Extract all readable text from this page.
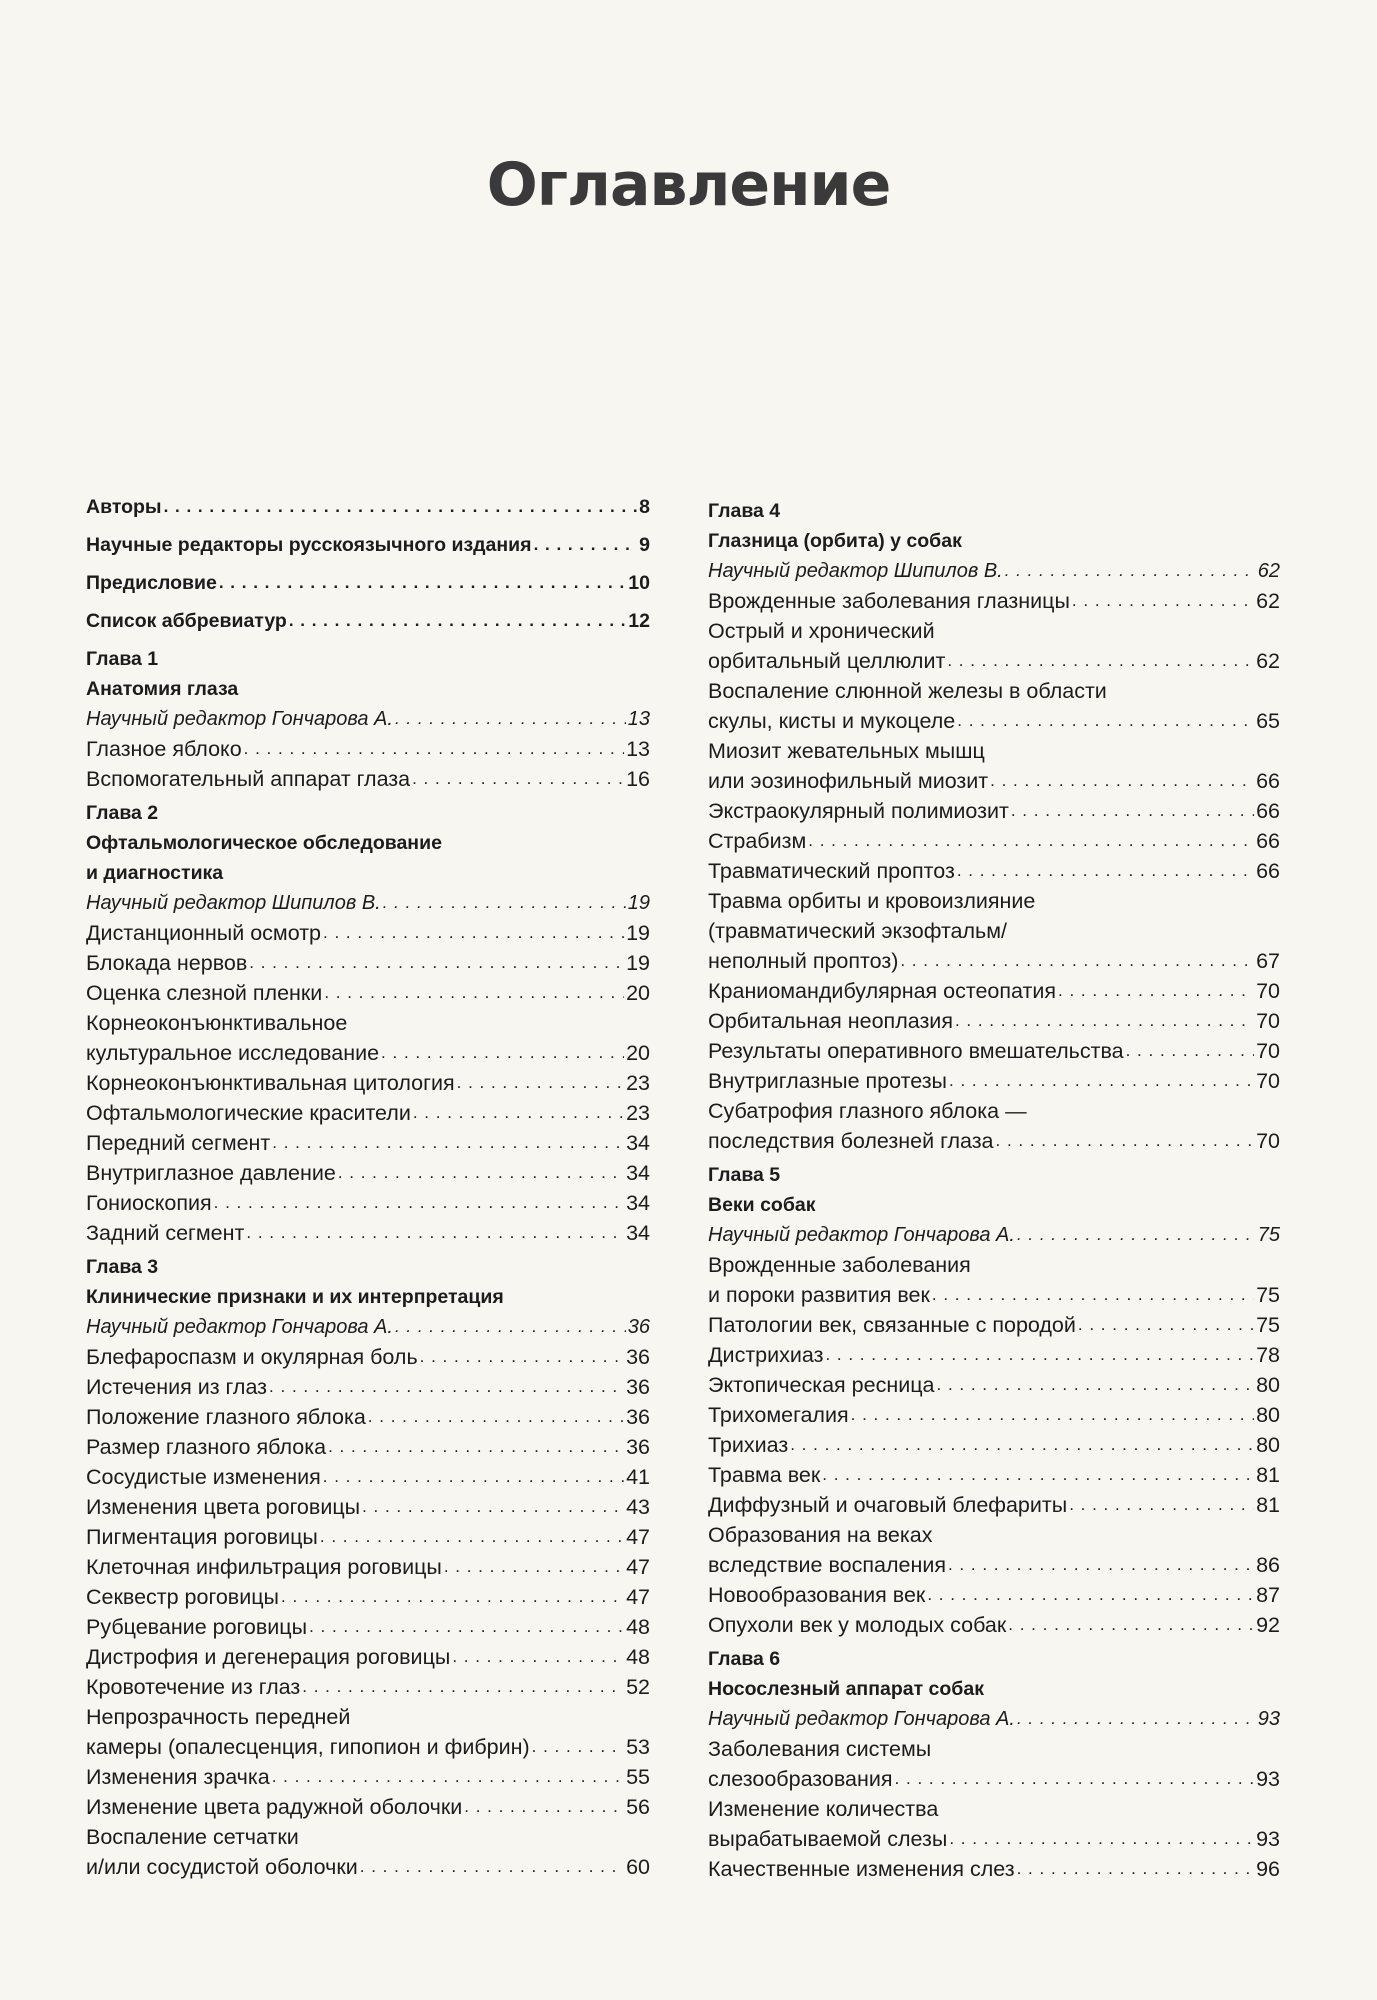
Оглавление
Авторы . . .	8
Научные редакторы русскоязычного издания . . .	9
Предисловие . . .	10
Список аббревиатур . . .	12
Глава 1
Анатомия глаза
Научный редактор Гончарова А. . . .	13
Глазное яблоко . . .	13
Вспомогательный аппарат глаза . . .	16
Глава 2
Офтальмологическое обследование
и диагностика
Научный редактор Шипилов В. . . .	19
Дистанционный осмотр . . .	19
Блокада нервов . . .	19
Оценка слезной пленки . . .	20
Корнеоконъюнктивальное
культуральное исследование . . .	20
Корнеоконъюнктивальная цитология . . .	23
Офтальмологические красители . . .	23
Передний сегмент . . .	34
Внутриглазное давление . . .	34
Гониоскопия . . .	34
Задний сегмент . . .	34
Глава 3
Клинические признаки и их интерпретация
Научный редактор Гончарова А. . . .	36
Блефароспазм и окулярная боль . . .	36
Истечения из глаз . . .	36
Положение глазного яблока . . .	36
Размер глазного яблока . . .	36
Сосудистые изменения . . .	41
Изменения цвета роговицы . . .	43
Пигментация роговицы . . .	47
Клеточная инфильтрация роговицы . . .	47
Секвестр роговицы . . .	47
Рубцевание роговицы . . .	48
Дистрофия и дегенерация роговицы . . .	48
Кровотечение из глаз . . .	52
Непрозрачность передней
камеры (опалесценция, гипопион и фибрин) . . .	53
Изменения зрачка . . .	55
Изменение цвета радужной оболочки . . .	56
Воспаление сетчатки
и/или сосудистой оболочки . . .	60
Глава 4
Глазница (орбита) у собак
Научный редактор Шипилов В. . . .	62
Врожденные заболевания глазницы . . .	62
Острый и хронический
орбитальный целлюлит . . .	62
Воспаление слюнной железы в области
скулы, кисты и мукоцеле . . .	65
Миозит жевательных мышц
или эозинофильный миозит . . .	66
Экстраокулярный полимиозит . . .	66
Страбизм . . .	66
Травматический проптоз . . .	66
Травма орбиты и кровоизлияние
(травматический экзофтальм/
неполный проптоз) . . .	67
Краниомандибулярная остеопатия . . .	70
Орбитальная неоплазия . . .	70
Результаты оперативного вмешательства . . .	70
Внутриглазные протезы . . .	70
Субатрофия глазного яблока —
последствия болезней глаза . . .	70
Глава 5
Веки собак
Научный редактор Гончарова А. . . .	75
Врожденные заболевания
и пороки развития век . . .	75
Патологии век, связанные с породой . . .	75
Дистрихиаз . . .	78
Эктопическая ресница . . .	80
Трихомегалия . . .	80
Трихиаз . . .	80
Травма век . . .	81
Диффузный и очаговый блефариты . . .	81
Образования на веках
вследствие воспаления . . .	86
Новообразования век . . .	87
Опухоли век у молодых собак . . .	92
Глава 6
Носослезный аппарат собак
Научный редактор Гончарова А. . . .	93
Заболевания системы
слезообразования . . .	93
Изменение количества
вырабатываемой слезы . . .	93
Качественные изменения слез . . .	96
